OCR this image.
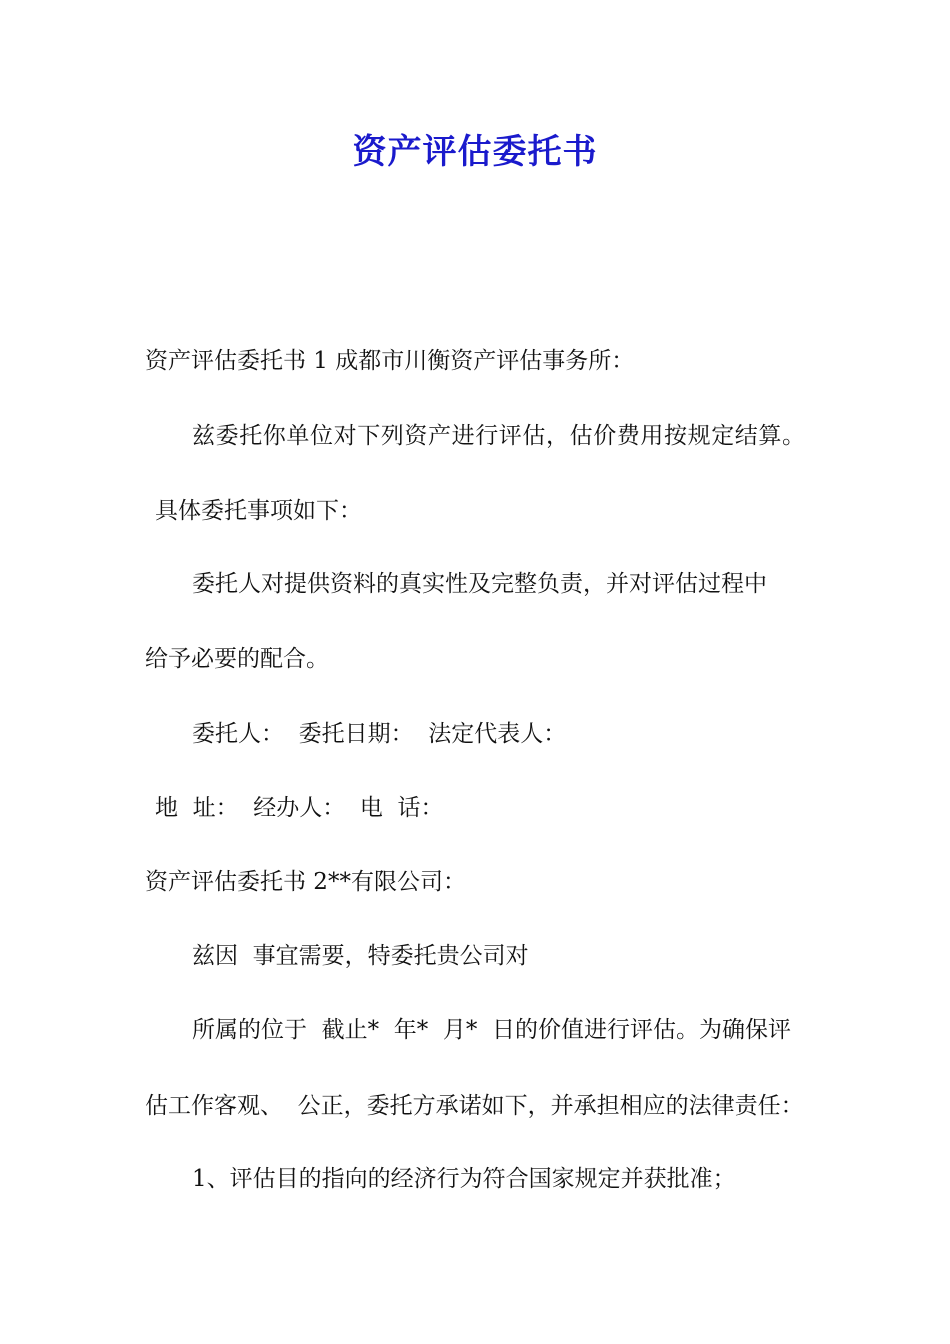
资产评估委托书
资产评估委托书 1 成都市川衡资产评估事务所：
兹委托你单位对下列资产进行评估，估价费用按规定结算。
具体委托事项如下：
委托人对提供资料的真实性及完整负责，并对评估过程中
给予必要的配合。
委托人：  委托日期：  法定代表人：
地  址：  经办人：  电  话：
资产评估委托书 2**有限公司：
兹因  事宜需要，特委托贵公司对
所属的位于  截止*  年*  月*  日的价值进行评估。为确保评
估工作客观、  公正，委托方承诺如下，并承担相应的法律责任：
1、评估目的指向的经济行为符合国家规定并获批准；
